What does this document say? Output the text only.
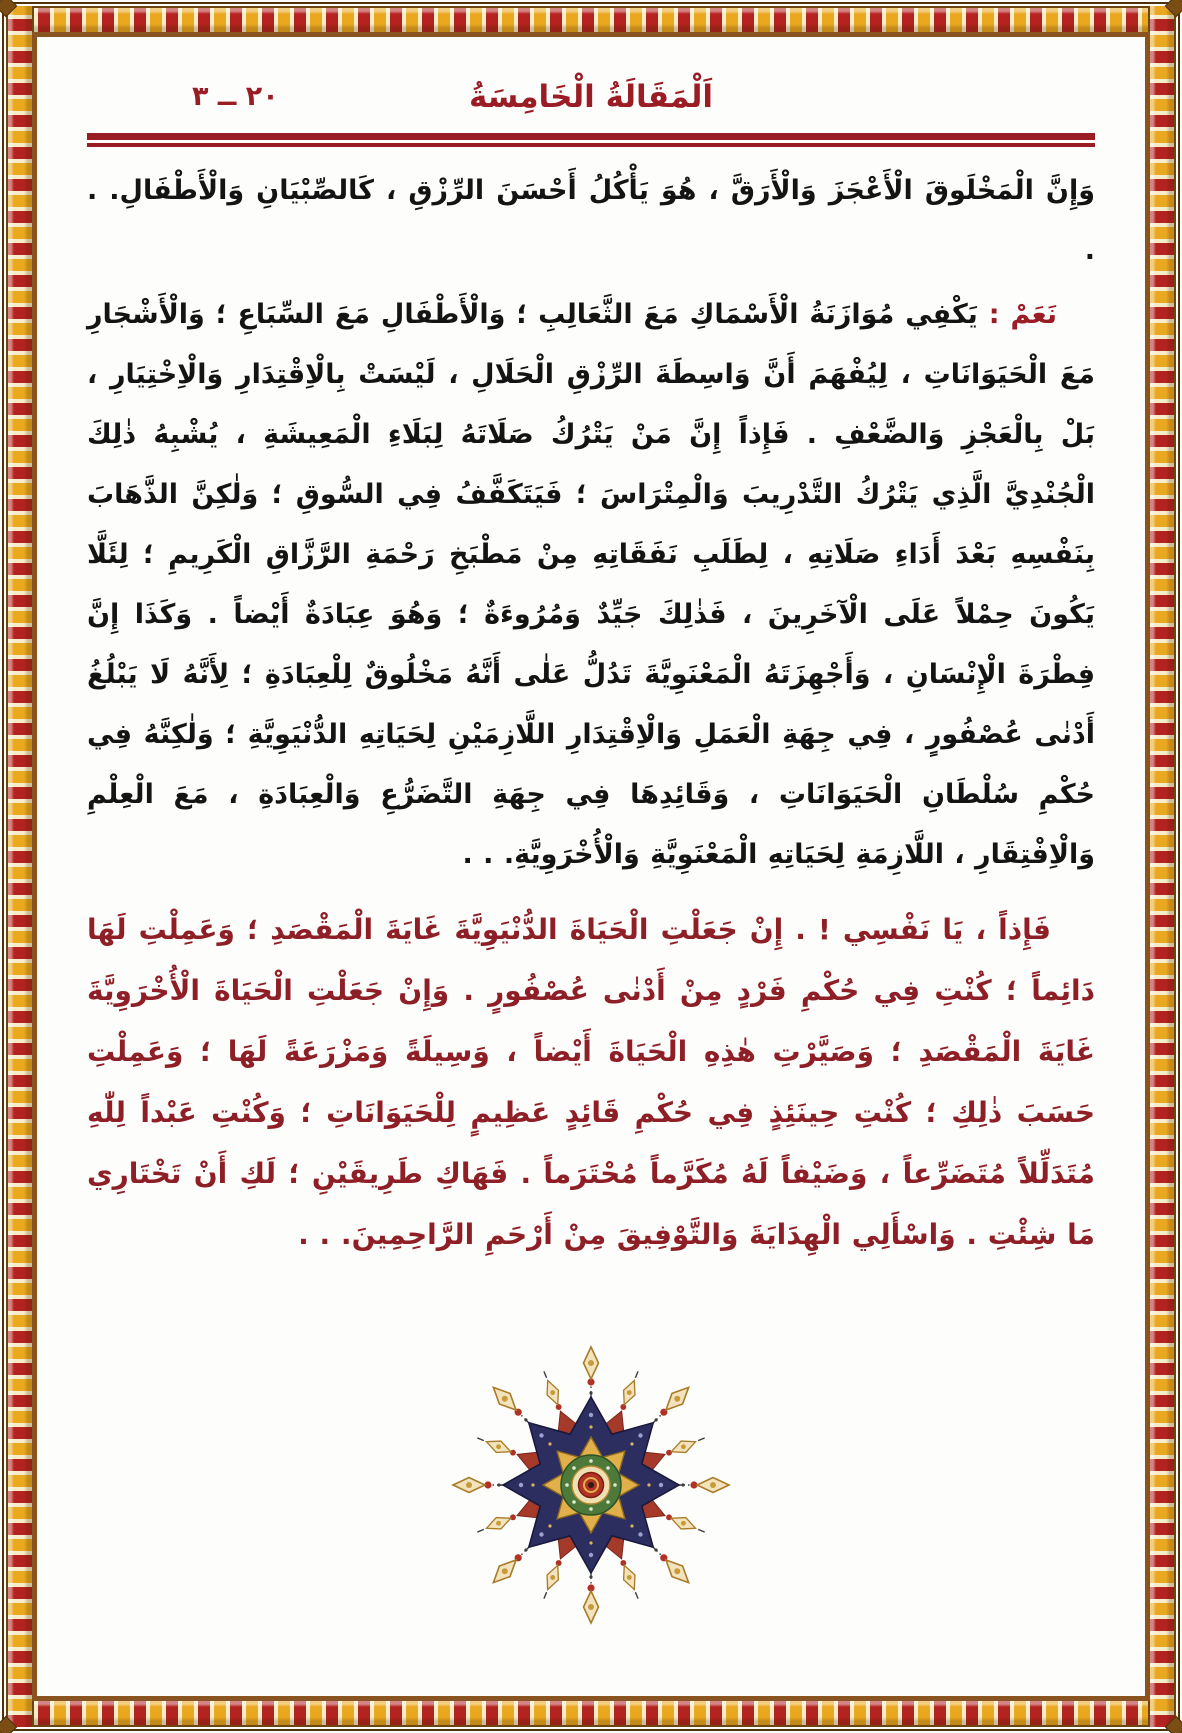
اَلْمَقَالَةُ الْخَامِسَةُ
٢٠ ــ ٣

وَإِنَّ الْمَخْلَوقَ الْأَعْجَزَ وَالْأَرَقَّ ، هُوَ يَأْكُلُ أَحْسَنَ الرِّزْقِ ، كَالصِّبْيَانِ وَالْأَطْفَالِ. . .

نَعَمْ : يَكْفِي مُوَازَنَةُ الْأَسْمَاكِ مَعَ الثَّعَالِبِ ؛ وَالْأَطْفَالِ مَعَ السِّبَاعِ ؛ وَالْأَشْجَارِ مَعَ الْحَيَوَانَاتِ ، لِيُفْهَمَ أَنَّ وَاسِطَةَ الرِّزْقِ الْحَلَالِ ، لَيْسَتْ بِالْاِقْتِدَارِ وَالْاِخْتِيَارِ ، بَلْ بِالْعَجْزِ وَالضَّعْفِ . فَإِذاً إِنَّ مَنْ يَتْرُكُ صَلَاتَهُ لِبَلَاءِ الْمَعِيشَةِ ، يُشْبِهُ ذٰلِكَ الْجُنْدِيَّ الَّذِي يَتْرُكُ التَّدْرِيبَ وَالْمِتْرَاسَ ؛ فَيَتَكَفَّفُ فِي السُّوقِ ؛ وَلٰكِنَّ الذَّهَابَ بِنَفْسِهِ بَعْدَ أَدَاءِ صَلَاتِهِ ، لِطَلَبِ نَفَقَاتِهِ مِنْ مَطْبَخِ رَحْمَةِ الرَّزَّاقِ الْكَرِيمِ ؛ لِئَلَّا يَكُونَ حِمْلاً عَلَى الْآخَرِينَ ، فَذٰلِكَ جَيِّدٌ وَمُرُوءَةٌ ؛ وَهُوَ عِبَادَةٌ أَيْضاً . وَكَذَا إِنَّ فِطْرَةَ الْإِنْسَانِ ، وَأَجْهِزَتَهُ الْمَعْنَوِيَّةَ تَدُلُّ عَلٰى أَنَّهُ مَخْلُوقٌ لِلْعِبَادَةِ ؛ لِأَنَّهُ لَا يَبْلُغُ أَدْنٰى عُصْفُورٍ ، فِي جِهَةِ الْعَمَلِ وَالْاِقْتِدَارِ اللَّازِمَيْنِ لِحَيَاتِهِ الدُّنْيَوِيَّةِ ؛ وَلٰكِنَّهُ فِي حُكْمِ سُلْطَانِ الْحَيَوَانَاتِ ، وَقَائِدِهَا فِي جِهَةِ التَّضَرُّعِ وَالْعِبَادَةِ ، مَعَ الْعِلْمِ وَالْاِفْتِقَارِ ، اللَّازِمَةِ لِحَيَاتِهِ الْمَعْنَوِيَّةِ وَالْأُخْرَوِيَّةِ. . .

فَإِذاً ، يَا نَفْسِي ! . إِنْ جَعَلْتِ الْحَيَاةَ الدُّنْيَوِيَّةَ غَايَةَ الْمَقْصَدِ ؛ وَعَمِلْتِ لَهَا دَائِماً ؛ كُنْتِ فِي حُكْمِ فَرْدٍ مِنْ أَدْنٰى عُصْفُورٍ . وَإِنْ جَعَلْتِ الْحَيَاةَ الْأُخْرَوِيَّةَ غَايَةَ الْمَقْصَدِ ؛ وَصَيَّرْتِ هٰذِهِ الْحَيَاةَ أَيْضاً ، وَسِيلَةً وَمَزْرَعَةً لَهَا ؛ وَعَمِلْتِ حَسَبَ ذٰلِكِ ؛ كُنْتِ حِينَئِذٍ فِي حُكْمِ قَائِدٍ عَظِيمٍ لِلْحَيَوَانَاتِ ؛ وَكُنْتِ عَبْداً لِلّٰهِ مُتَدَلِّلاً مُتَضَرِّعاً ، وَضَيْفاً لَهُ مُكَرَّماً مُحْتَرَماً . فَهَاكِ طَرِيقَيْنِ ؛ لَكِ أَنْ تَخْتَارِي مَا شِئْتِ . وَاسْأَلِي الْهِدَايَةَ وَالتَّوْفِيقَ مِنْ أَرْحَمِ الرَّاحِمِينَ. . .
